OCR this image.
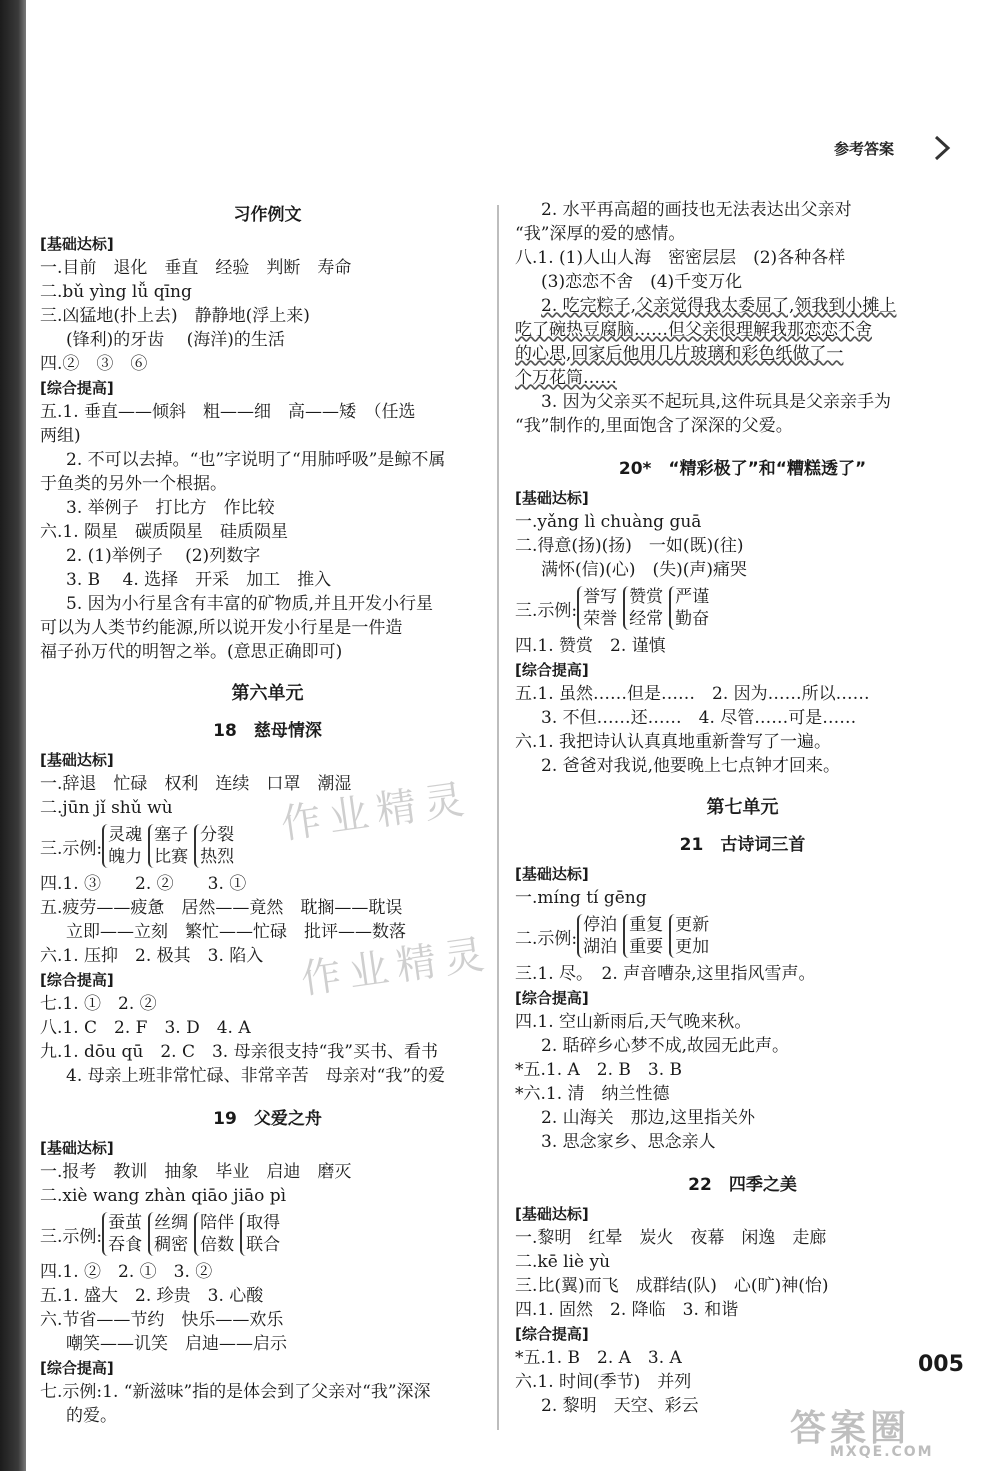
参考答案
习作例文
[基础达标]
一.目前　退化　垂直　经验　判断　寿命
二.bǔ yìng lǚ qīng
三.凶猛地(扑上去)　静静地(浮上来)
(锋利)的牙齿　 (海洋)的生活
四.②　③　⑥
[综合提高]
五.1. 垂直——倾斜　粗——细　高——矮　（任选
两组)
2. 不可以去掉。“也”字说明了“用肺呼吸”是鲸不属
于鱼类的另外一个根据。
3. 举例子　打比方　作比较
六.1. 陨星　碳质陨星　硅质陨星
2. (1)举例子　 (2)列数字
3. B　 4. 选择　开采　加工　推入
5. 因为小行星含有丰富的矿物质,并且开发小行星
可以为人类节约能源,所以说开发小行星是一件造
福子孙万代的明智之举。(意思正确即可)
第六单元
18　慈母情深
[基础达标]
一.辞退　忙碌　权利　连续　口罩　潮湿
二.jūn jǐ shǔ wù
三.示例:
灵魂
魄力
塞子
比赛
分裂
热烈
四.1. ③　　2. ②　　3. ①
五.疲劳——疲惫　居然——竟然　耽搁——耽误
立即——立刻　繁忙——忙碌　批评——数落
六.1. 压抑　2. 极其　3. 陷入
[综合提高]
七.1. ①　2. ②
八.1. C　2. F　3. D　4. A
九.1. dōu qū　2. C　3. 母亲很支持“我”买书、看书
4. 母亲上班非常忙碌、非常辛苦　母亲对“我”的爱
19　父爱之舟
[基础达标]
一.报考　教训　抽象　毕业　启迪　磨灭
二.xiè wang zhàn qiāo jiāo pì
三.示例:
蚕茧
吞食
丝绸
稠密
陪伴
倍数
取得
联合
四.1. ②　2. ①　3. ②
五.1. 盛大　2. 珍贵　3. 心酸
六.节省——节约　快乐——欢乐
嘲笑——讥笑　启迪——启示
[综合提高]
七.示例:1. “新滋味”指的是体会到了父亲对“我”深深
的爱。
2. 水平再高超的画技也无法表达出父亲对
“我”深厚的爱的感情。
八.1. (1)人山人海　密密层层　(2)各种各样
(3)恋恋不舍　(4)千变万化
2. 吃完粽子,父亲觉得我太委屈了,领我到小摊上
吃了碗热豆腐脑……但父亲很理解我那恋恋不舍
的心思,回家后他用几片玻璃和彩色纸做了一
个万花筒……
3. 因为父亲买不起玩具,这件玩具是父亲亲手为
“我”制作的,里面饱含了深深的父爱。
20*　“精彩极了”和“糟糕透了”
[基础达标]
一.yǎng lì chuàng guā
二.得意(扬)(扬)　一如(既)(往)
满怀(信)(心)　(失)(声)痛哭
三.示例:
誉写
荣誉
赞赏
经常
严谨
勤奋
四.1. 赞赏　2. 谨慎
[综合提高]
五.1. 虽然……但是……　2. 因为……所以……
3. 不但……还……　4. 尽管……可是……
六.1. 我把诗认认真真地重新誊写了一遍。
2. 爸爸对我说,他要晚上七点钟才回来。
第七单元
21　古诗词三首
[基础达标]
一.míng tí gēng
二.示例:
停泊
湖泊
重复
重要
更新
更加
三.1. 尽。　2. 声音嘈杂,这里指风雪声。
[综合提高]
四.1. 空山新雨后,天气晚来秋。
2. 聒碎乡心梦不成,故园无此声。
*五.1. A　2. B　3. B
*六.1. 清　纳兰性德
2. 山海关　那边,这里指关外
3. 思念家乡、思念亲人
22　四季之美
[基础达标]
一.黎明　红晕　炭火　夜幕　闲逸　走廊
二.kē liè yù
三.比(翼)而飞　成群结(队)　心(旷)神(怡)
四.1. 固然　2. 降临　3. 和谐
[综合提高]
*五.1. B　2. A　3. A
六.1. 时间(季节)　并列
2. 黎明　天空、彩云
作业精灵
作业精灵
005
答案圈
MXQE.COM
